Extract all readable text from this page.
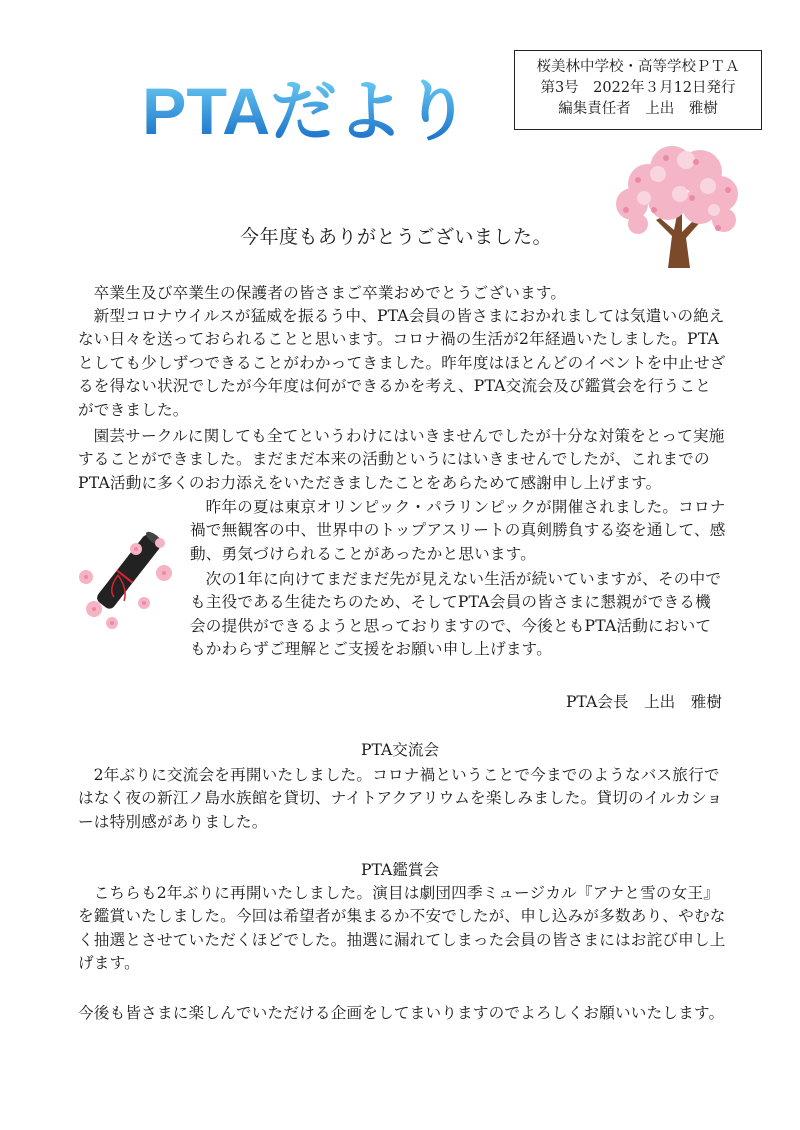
PTAだより
桜美林中学校・高等学校ＰＴＡ
第3号　2022年３月12日発行
編集責任者　上出　雅樹
今年度もありがとうございました。
卒業生及び卒業生の保護者の皆さまご卒業おめでとうございます。
新型コロナウイルスが猛威を振るう中、PTA会員の皆さまにおかれましては気遣いの絶えない日々を送っておられることと思います。コロナ禍の生活が2年経過いたしました。PTAとしても少しずつできることがわかってきました。昨年度はほとんどのイベントを中止せざるを得ない状況でしたが今年度は何ができるかを考え、PTA交流会及び鑑賞会を行うことができました。
園芸サークルに関しても全てというわけにはいきませんでしたが十分な対策をとって実施することができました。まだまだ本来の活動というにはいきませんでしたが、これまでのPTA活動に多くのお力添えをいただきましたことをあらためて感謝申し上げます。
昨年の夏は東京オリンピック・パラリンピックが開催されました。コロナ禍で無観客の中、世界中のトップアスリートの真剣勝負する姿を通して、感動、勇気づけられることがあったかと思います。
次の1年に向けてまだまだ先が見えない生活が続いていますが、その中でも主役である生徒たちのため、そしてPTA会員の皆さまに懇親ができる機会の提供ができるようと思っておりますので、今後ともPTA活動においてもかわらずご理解とご支援をお願い申し上げます。
PTA会長　上出　雅樹
PTA交流会
2年ぶりに交流会を再開いたしました。コロナ禍ということで今までのようなバス旅行ではなく夜の新江ノ島水族館を貸切、ナイトアクアリウムを楽しみました。貸切のイルカショーは特別感がありました。
PTA鑑賞会
こちらも2年ぶりに再開いたしました。演目は劇団四季ミュージカル『アナと雪の女王』を鑑賞いたしました。今回は希望者が集まるか不安でしたが、申し込みが多数あり、やむなく抽選とさせていただくほどでした。抽選に漏れてしまった会員の皆さまにはお詫び申し上げます。
今後も皆さまに楽しんでいただける企画をしてまいりますのでよろしくお願いいたします。
